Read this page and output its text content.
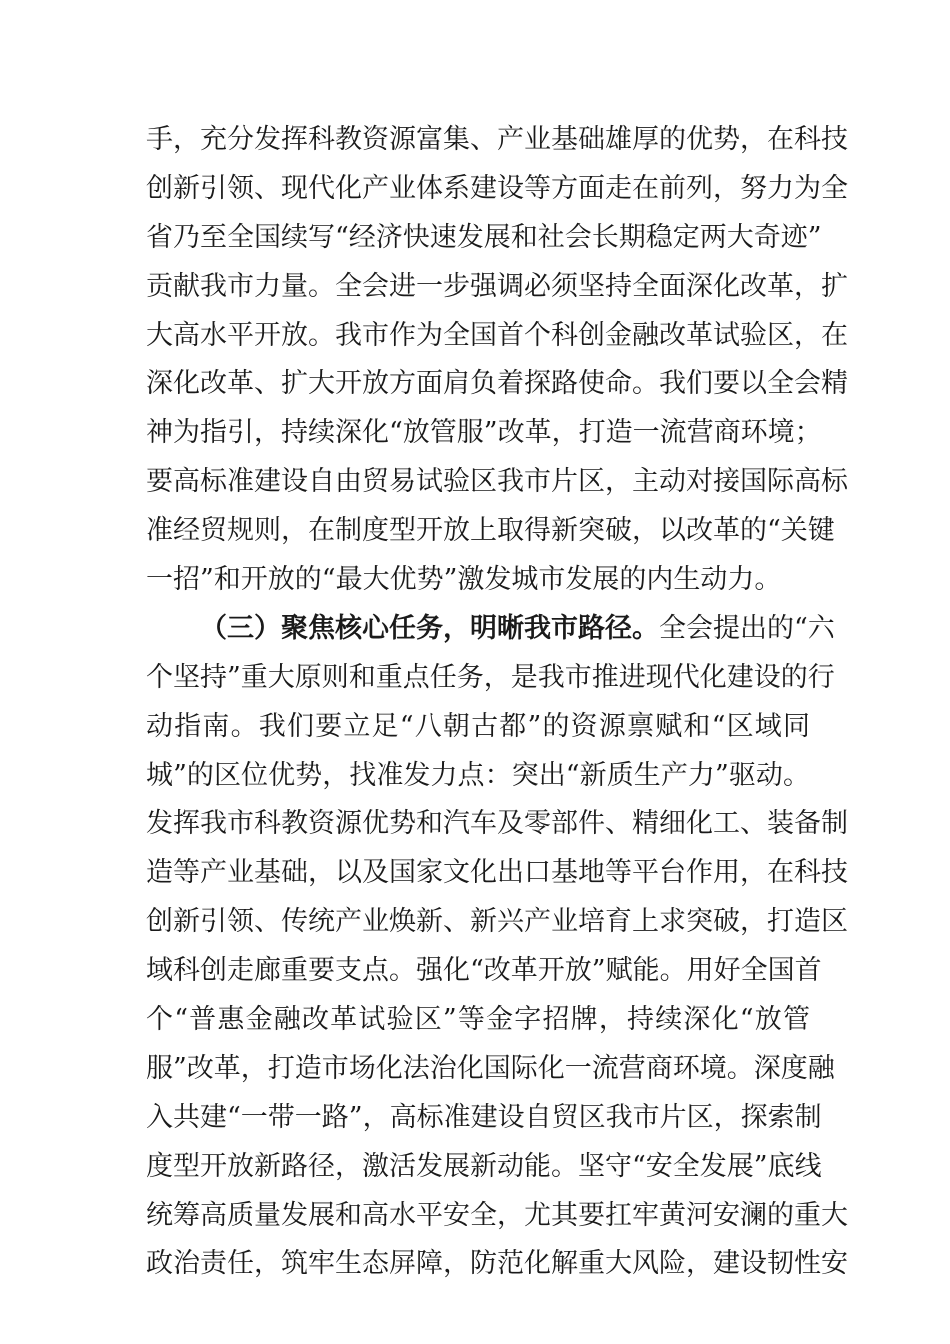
手，充分发挥科教资源富集、产业基础雄厚的优势，在科技
创新引领、现代化产业体系建设等方面走在前列，努力为全
省乃至全国续写“经济快速发展和社会长期稳定两大奇迹”
贡献我市力量。全会进一步强调必须坚持全面深化改革，扩
大高水平开放。我市作为全国首个科创金融改革试验区，在
深化改革、扩大开放方面肩负着探路使命。我们要以全会精
神为指引，持续深化“放管服”改革，打造一流营商环境；
要高标准建设自由贸易试验区我市片区，主动对接国际高标
准经贸规则，在制度型开放上取得新突破，以改革的“关键
一招”和开放的“最大优势”激发城市发展的内生动力。
（三）聚焦核心任务，明晰我市路径。 全会提出的“六
个坚持”重大原则和重点任务，是我市推进现代化建设的行
动指南。我们要立足“八朝古都”的资源禀赋和“区域同
城”的区位优势，找准发力点：突出“新质生产力”驱动。
发挥我市科教资源优势和汽车及零部件、精细化工、装备制
造等产业基础，以及国家文化出口基地等平台作用，在科技
创新引领、传统产业焕新、新兴产业培育上求突破，打造区
域科创走廊重要支点。强化“改革开放”赋能。用好全国首
个“普惠金融改革试验区”等金字招牌，持续深化“放管
服”改革，打造市场化法治化国际化一流营商环境。深度融
入共建“一带一路”，高标准建设自贸区我市片区，探索制
度型开放新路径，激活发展新动能。坚守“安全发展”底线
统筹高质量发展和高水平安全，尤其要扛牢黄河安澜的重大
政治责任，筑牢生态屏障，防范化解重大风险，建设韧性安
